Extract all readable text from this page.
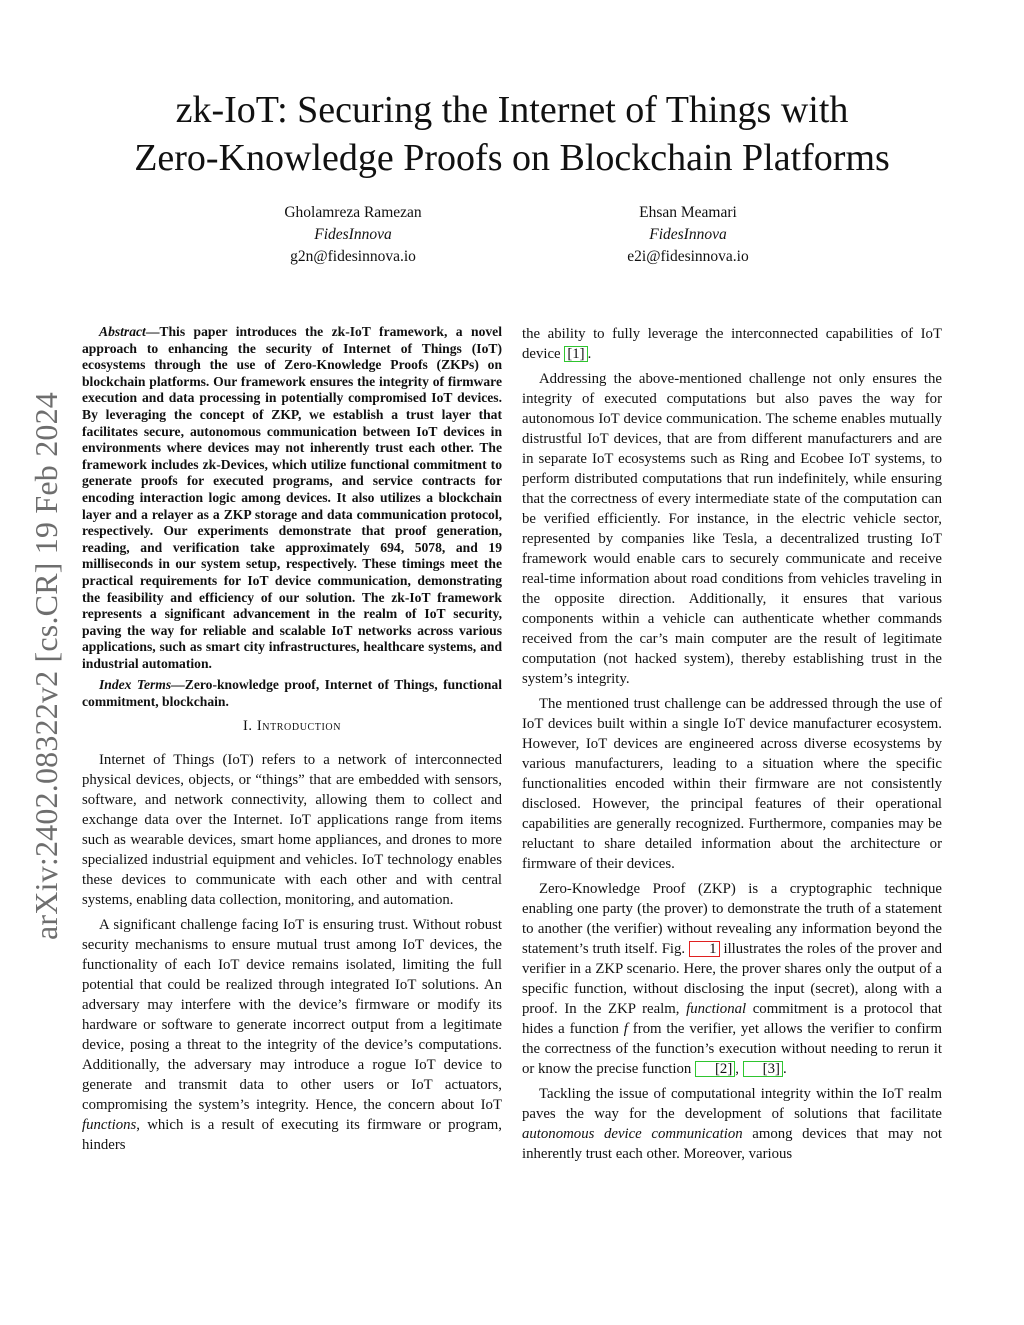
arXiv:2402.08322v2 [cs.CR] 19 Feb 2024
zk-IoT: Securing the Internet of Things with
Zero-Knowledge Proofs on Blockchain Platforms
Gholamreza Ramezan
FidesInnova
g2n@fidesinnova.io
Ehsan Meamari
FidesInnova
e2i@fidesinnova.io

Abstract—This paper introduces the zk-IoT framework, a novel approach to enhancing the security of Internet of Things (IoT) ecosystems through the use of Zero-Knowledge Proofs (ZKPs) on blockchain platforms. Our framework ensures the integrity of firmware execution and data processing in potentially compromised IoT devices. By leveraging the concept of ZKP, we establish a trust layer that facilitates secure, autonomous communication between IoT devices in environments where devices may not inherently trust each other. The framework includes zk-Devices, which utilize functional commitment to generate proofs for executed programs, and service contracts for encoding interaction logic among devices. It also utilizes a blockchain layer and a relayer as a ZKP storage and data communication protocol, respectively. Our experiments demonstrate that proof generation, reading, and verification take approximately 694, 5078, and 19 milliseconds in our system setup, respectively. These timings meet the practical requirements for IoT device communication, demonstrating the feasibility and efficiency of our solution. The zk-IoT framework represents a significant advancement in the realm of IoT security, paving the way for reliable and scalable IoT networks across various applications, such as smart city infrastructures, healthcare systems, and industrial automation.

Index Terms—Zero-knowledge proof, Internet of Things, functional commitment, blockchain.

I. Introduction

Internet of Things (IoT) refers to a network of interconnected physical devices, objects, or “things” that are embedded with sensors, software, and network connectivity, allowing them to collect and exchange data over the Internet. IoT applications range from items such as wearable devices, smart home appliances, and drones to more specialized industrial equipment and vehicles. IoT technology enables these devices to communicate with each other and with central systems, enabling data collection, monitoring, and automation.

A significant challenge facing IoT is ensuring trust. Without robust security mechanisms to ensure mutual trust among IoT devices, the functionality of each IoT device remains isolated, limiting the full potential that could be realized through integrated IoT solutions. An adversary may interfere with the device’s firmware or modify its hardware or software to generate incorrect output from a legitimate device, posing a threat to the integrity of the device’s computations. Additionally, the adversary may introduce a rogue IoT device to generate and transmit data to other users or IoT actuators, compromising the system’s integrity. Hence, the concern about IoT functions, which is a result of executing its firmware or program, hinders

the ability to fully leverage the interconnected capabilities of IoT device [1] .

Addressing the above-mentioned challenge not only ensures the integrity of executed computations but also paves the way for autonomous IoT device communication. The scheme enables mutually distrustful IoT devices, that are from different manufacturers and are in separate IoT ecosystems such as Ring and Ecobee IoT systems, to perform distributed computations that run indefinitely, while ensuring that the correctness of every intermediate state of the computation can be verified efficiently. For instance, in the electric vehicle sector, represented by companies like Tesla, a decentralized trusting IoT framework would enable cars to securely communicate and receive real-time information about road conditions from vehicles traveling in the opposite direction. Additionally, it ensures that various components within a vehicle can authenticate whether commands received from the car’s main computer are the result of legitimate computation (not hacked system), thereby establishing trust in the system’s integrity.

The mentioned trust challenge can be addressed through the use of IoT devices built within a single IoT device manufacturer ecosystem. However, IoT devices are engineered across diverse ecosystems by various manufacturers, leading to a situation where the specific functionalities encoded within their firmware are not consistently disclosed. However, the principal features of their operational capabilities are generally recognized. Furthermore, companies may be reluctant to share detailed information about the architecture or firmware of their devices.

Zero-Knowledge Proof (ZKP) is a cryptographic technique enabling one party (the prover) to demonstrate the truth of a statement to another (the verifier) without revealing any information beyond the statement’s truth itself. Fig. 1 illustrates the roles of the prover and verifier in a ZKP scenario. Here, the prover shares only the output of a specific function, without disclosing the input (secret), along with a proof. In the ZKP realm, functional commitment is a protocol that hides a function f from the verifier, yet allows the verifier to confirm the correctness of the function’s execution without needing to rerun it or know the precise function [2] , [3] .

Tackling the issue of computational integrity within the IoT realm paves the way for the development of solutions that facilitate autonomous device communication among devices that may not inherently trust each other. Moreover, various
